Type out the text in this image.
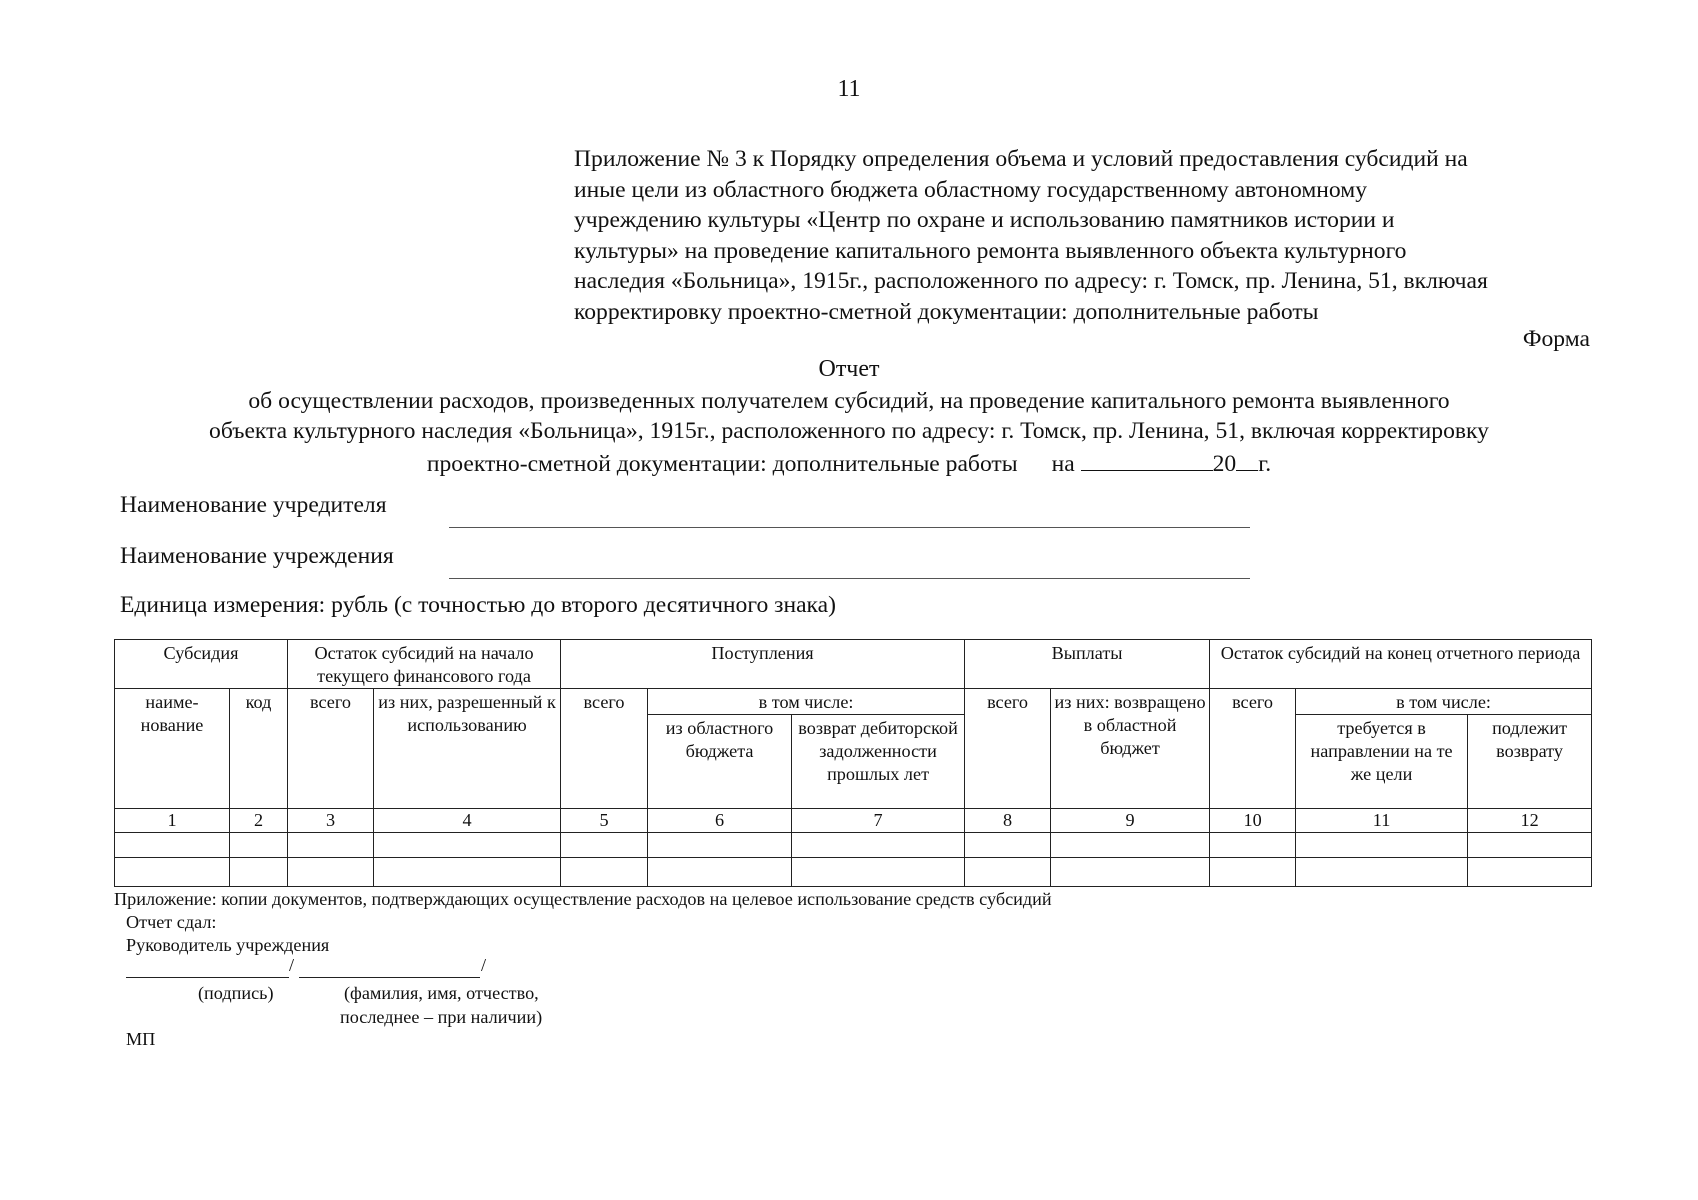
11

Приложение № 3 к Порядку определения объема и условий предоставления субсидий на

иные цели из областного бюджета областному государственному автономному

учреждению культуры «Центр по охране и использованию памятников истории и

культуры» на проведение капитального ремонта выявленного объекта культурного

наследия «Больница», 1915г., расположенного по адресу: г. Томск, пр. Ленина, 51, включая

корректировку проектно-сметной документации: дополнительные работы

Форма
Отчет

об осуществлении расходов, произведенных получателем субсидий, на проведение капитального ремонта выявленного

объекта культурного наследия «Больница», 1915г., расположенного по адресу: г. Томск, пр. Ленина, 51, включая корректировку

проектно-сметной документации: дополнительные работы на	20 г.

Наименование учредителя
Наименование учреждения
Единица измерения: рубль (с точностью до второго десятичного знака)
Субсидия		Остаток субсидий на начало текущего финансового года		Поступления			Выплаты		Остаток субсидий на конец отчетного периода		
наиме-нование	код	всего	из них, разрешенный к использованию	всего	в том числе:		всего	из них: возвращено в областной бюджет	всего	в том числе:	
					из областного бюджета	возврат дебиторской задолженности прошлых лет				требуется в направлении на те же цели	подлежит возврату
1	2	3	4	5	6	7	8	9	10	11	12

Приложение: копии документов, подтверждающих осуществление расходов на целевое использование средств субсидий
Отчет сдал:
Руководитель учреждения
/	/
(подпись)	(фамилия, имя, отчество,
последнее – при наличии)
МП
